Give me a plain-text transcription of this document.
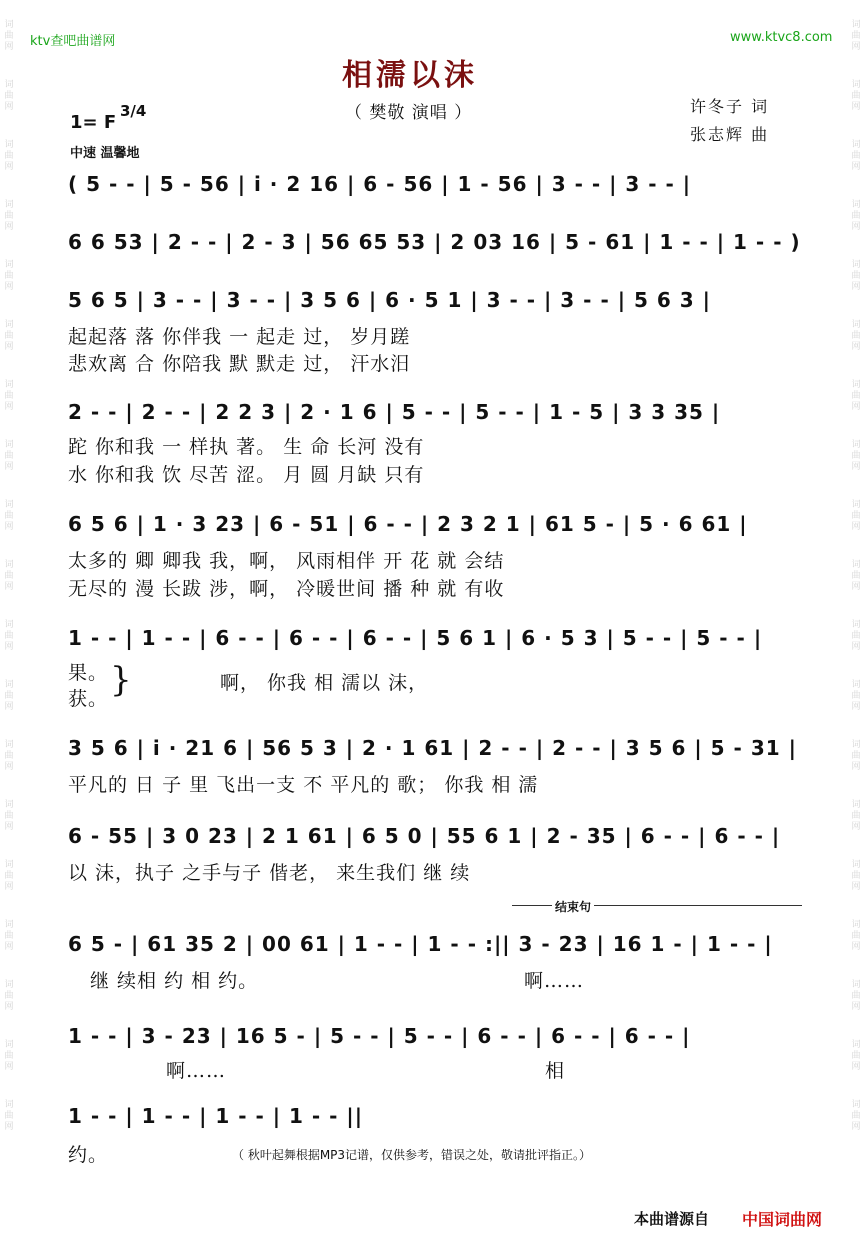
词
曲
网
词
曲
网
词
曲
网
词
曲
网
词
曲
网
词
曲
网
词
曲
网
词
曲
网
词
曲
网
词
曲
网
词
曲
网
词
曲
网
词
曲
网
词
曲
网
词
曲
网
词
曲
网
词
曲
网
词
曲
网
词
曲
网
词
曲
网
词
曲
网
词
曲
网
词
曲
网
词
曲
网
词
曲
网
词
曲
网
词
曲
网
词
曲
网
词
曲
网
词
曲
网
词
曲
网
词
曲
网
词
曲
网
词
曲
网
词
曲
网
词
曲
网
词
曲
网
词
曲
网
ktv查吧曲谱网	www.ktvc8.com
相濡以沫
（ 樊敬 演唱 ）	许冬子 词
张志辉 曲
1= F
3/4
中速 温馨地
( 5 - - | 5 - 56 | i · 2 16 | 6 - 56 | 1 - 56 | 3 - - | 3 - - |
6 6 53 | 2 - - | 2 - 3 | 56 65 53 | 2 03 16 | 5 - 61 | 1 - - | 1 - - )
5 6 5 | 3 - - | 3 - - | 3 5 6 | 6 · 5 1 | 3 - - | 3 - - | 5 6 3 |
起起落 落 你伴我 一 起走 过， 岁月蹉
悲欢离 合 你陪我 默 默走 过， 汗水汨
2 - - | 2 - - | 2 2 3 | 2 · 1 6 | 5 - - | 5 - - | 1 - 5 | 3 3 35 |
跎 你和我 一 样执 著。 生 命 长河 没有
水 你和我 饮 尽苦 涩。 月 圆 月缺 只有
6 5 6 | 1 · 3 23 | 6 - 51 | 6 - - | 2 3 2 1 | 61 5 - | 5 · 6 61 |
太多的 卿 卿我 我，啊， 风雨相伴 开 花 就 会结
无尽的 漫 长跋 涉，啊， 冷暖世间 播 种 就 有收
1 - - | 1 - - | 6 - - | 6 - - | 6 - - | 5 6 1 | 6 · 5 3 | 5 - - | 5 - - |
果。
获。 }	啊， 你我 相 濡以 沫，
3 5 6 | i · 21 6 | 56 5 3 | 2 · 1 61 | 2 - - | 2 - - | 3 5 6 | 5 - 31 |
平凡的 日 子 里 飞出一支 不 平凡的 歌； 你我 相 濡
6 - 55 | 3 0 23 | 2 1 61 | 6 5 0 | 55 6 1 | 2 - 35 | 6 - - | 6 - - |
以 沫，执子 之手与子 偕老， 来生我们 继 续
结束句
6 5 - | 61 35 2 | 00 61 | 1 - - | 1 - - :|| 3 - 23 | 16 1 - | 1 - - |
继 续相 约 相 约。	啊……
1 - - | 3 - 23 | 16 5 - | 5 - - | 5 - - | 6 - - | 6 - - | 6 - - |
啊……	相
1 - - | 1 - - | 1 - - | 1 - - ||
约。	（ 秋叶起舞根据MP3记谱，仅供参考，错误之处，敬请批评指正。）
本曲谱源自 中国词曲网
